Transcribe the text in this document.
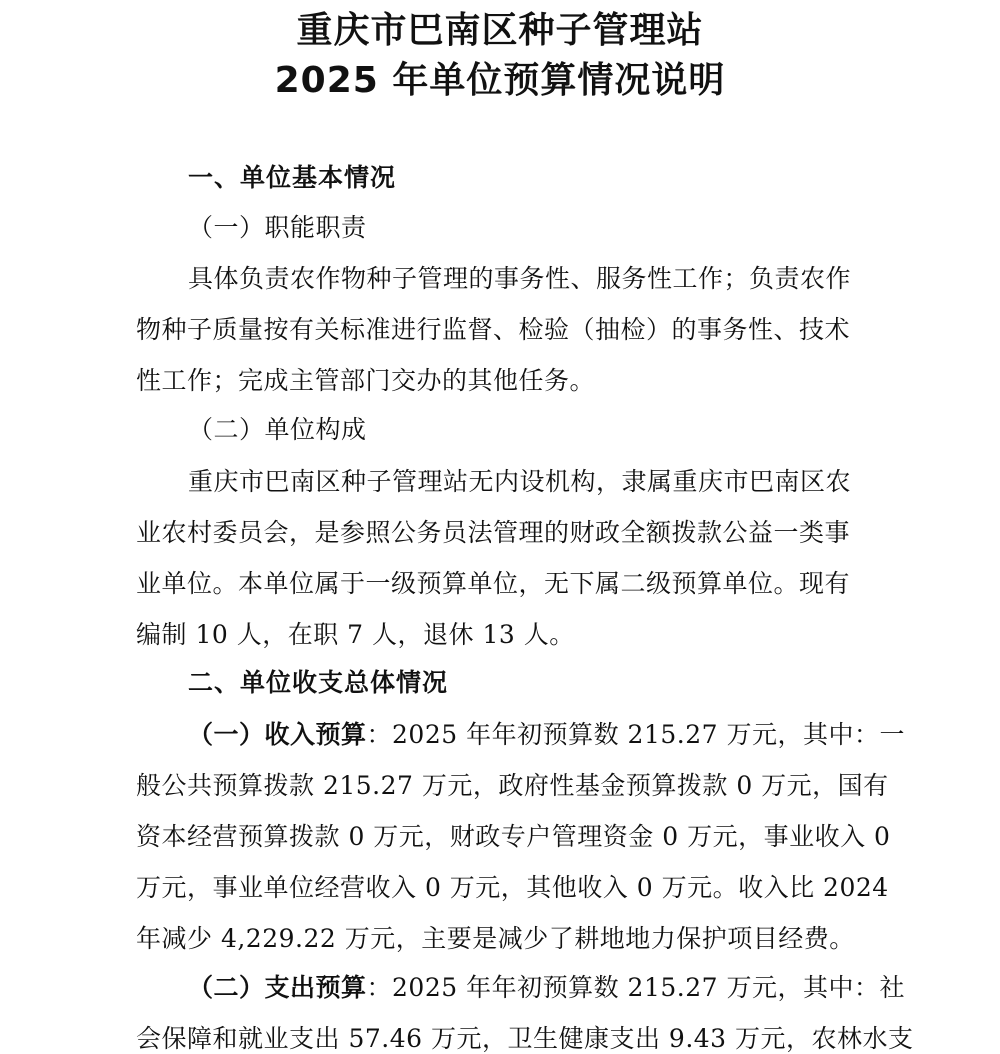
重庆市巴南区种子管理站
2025 年单位预算情况说明
一、单位基本情况
（一）职能职责
具体负责农作物种子管理的事务性、服务性工作；负责农作
物种子质量按有关标准进行监督、检验（抽检）的事务性、技术
性工作；完成主管部门交办的其他任务。
（二）单位构成
重庆市巴南区种子管理站无内设机构，隶属重庆市巴南区农
业农村委员会，是参照公务员法管理的财政全额拨款公益一类事
业单位。本单位属于一级预算单位，无下属二级预算单位。现有
编制 10 人，在职 7 人，退休 13 人。
二、单位收支总体情况
（一）收入预算：2025 年年初预算数 215.27 万元，其中：一
般公共预算拨款 215.27 万元，政府性基金预算拨款 0 万元，国有
资本经营预算拨款 0 万元，财政专户管理资金 0 万元，事业收入 0
万元，事业单位经营收入 0 万元，其他收入 0 万元。收入比 2024
年减少 4,229.22 万元，主要是减少了耕地地力保护项目经费。
（二）支出预算：2025 年年初预算数 215.27 万元，其中：社
会保障和就业支出 57.46 万元，卫生健康支出 9.43 万元，农林水支
